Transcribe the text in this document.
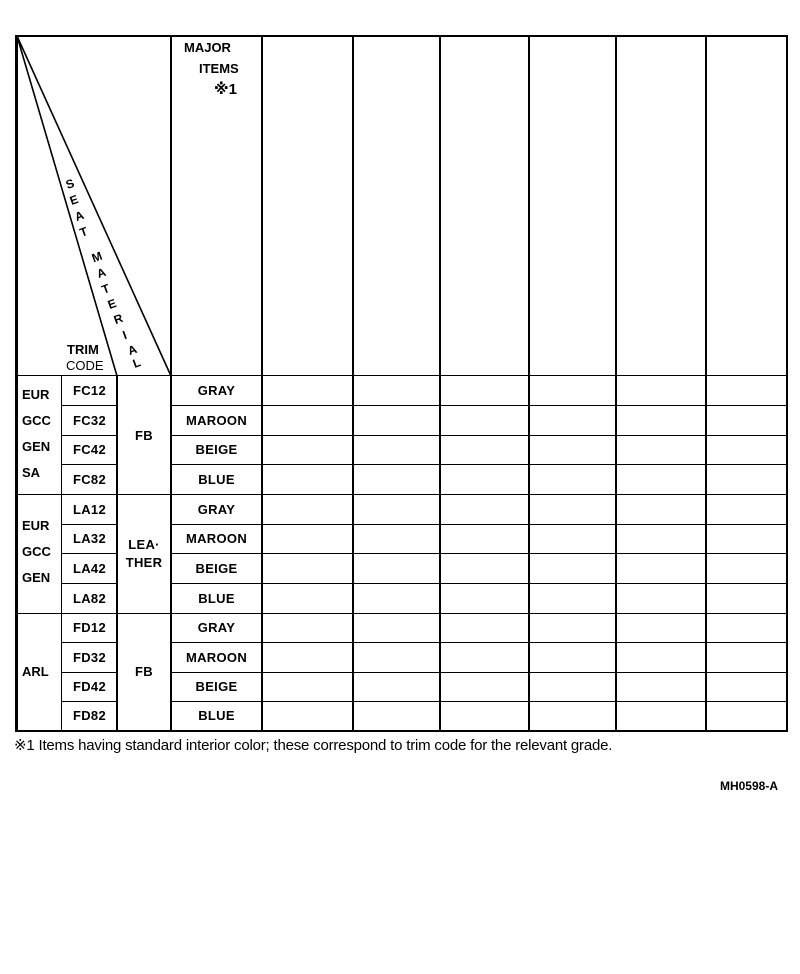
MAJOR
ITEMS
※1
TRIM
CODE
S
E
A
T
M
A
T
E
R
I
A
L
EUR
GCC
GEN
SA
FC12
FC32
FC42
FC82
FB
GRAY
MAROON
BEIGE
BLUE
EUR
GCC
GEN
LA12
LA32
LA42
LA82
LEA·
THER
GRAY
MAROON
BEIGE
BLUE
ARL
FD12
FD32
FD42
FD82
FB
GRAY
MAROON
BEIGE
BLUE
※1 Items having standard interior color; these correspond to trim code for the relevant grade.
MH0598-A
